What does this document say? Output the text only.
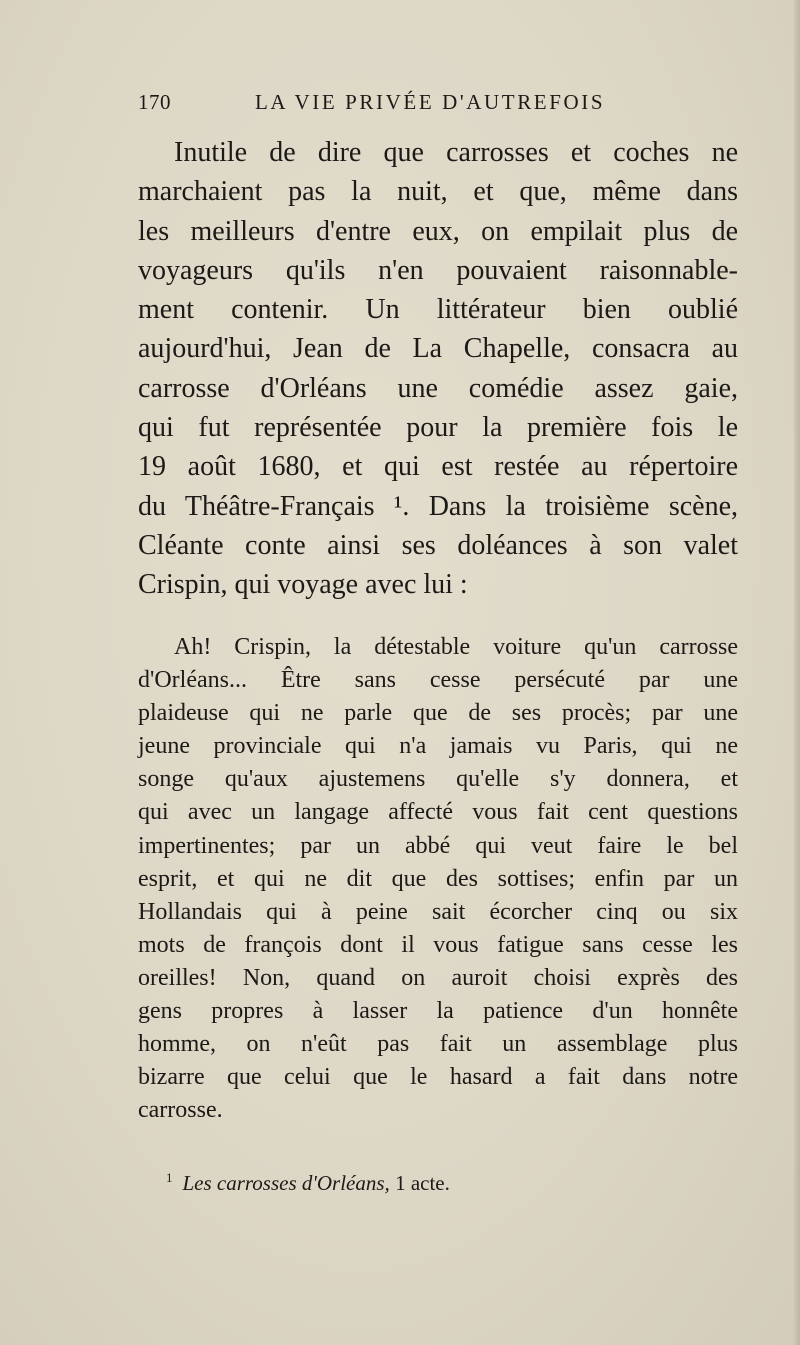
170	LA VIE PRIVÉE D'AUTREFOIS
Inutile de dire que carrosses et coches ne
marchaient pas la nuit, et que, même dans
les meilleurs d'entre eux, on empilait plus de
voyageurs qu'ils n'en pouvaient raisonnable-
ment contenir. Un littérateur bien oublié
aujourd'hui, Jean de La Chapelle, consacra au
carrosse d'Orléans une comédie assez gaie,
qui fut représentée pour la première fois le
19 août 1680, et qui est restée au répertoire
du Théâtre-Français ¹. Dans la troisième scène,
Cléante conte ainsi ses doléances à son valet
Crispin, qui voyage avec lui :
Ah! Crispin, la détestable voiture qu'un carrosse
d'Orléans... Être sans cesse persécuté par une
plaideuse qui ne parle que de ses procès; par une
jeune provinciale qui n'a jamais vu Paris, qui ne
songe qu'aux ajustemens qu'elle s'y donnera, et
qui avec un langage affecté vous fait cent questions
impertinentes; par un abbé qui veut faire le bel
esprit, et qui ne dit que des sottises; enfin par un
Hollandais qui à peine sait écorcher cinq ou six
mots de françois dont il vous fatigue sans cesse les
oreilles! Non, quand on auroit choisi exprès des
gens propres à lasser la patience d'un honnête
homme, on n'eût pas fait un assemblage plus
bizarre que celui que le hasard a fait dans notre
carrosse.
$^1$ Les carrosses d'Orléans, 1 acte.
